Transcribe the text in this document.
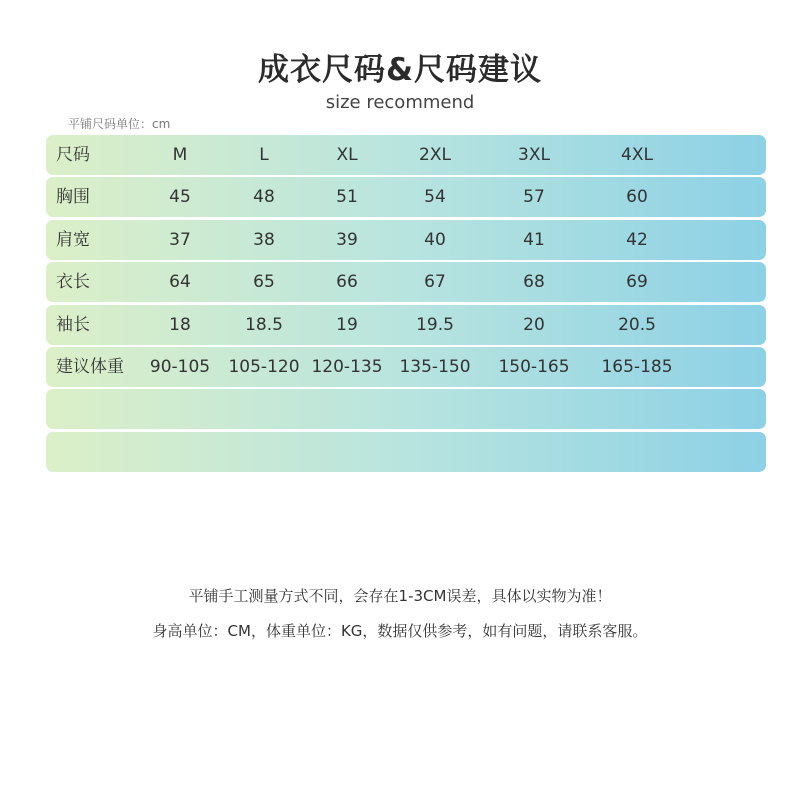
成衣尺码&尺码建议
size recommend
平铺尺码单位：cm
尺码	M	L	XL	2XL	3XL	4XL
胸围	45	48	51	54	57	60
肩宽	37	38	39	40	41	42
衣长	64	65	66	67	68	69
袖长	18	18.5	19	19.5	20	20.5
建议体重 90-105 105-120 120-135 135-150 150-165 165-185
平铺手工测量方式不同，会存在1-3CM误差，具体以实物为准！
身高单位：CM，体重单位：KG，数据仅供参考，如有问题，请联系客服。
